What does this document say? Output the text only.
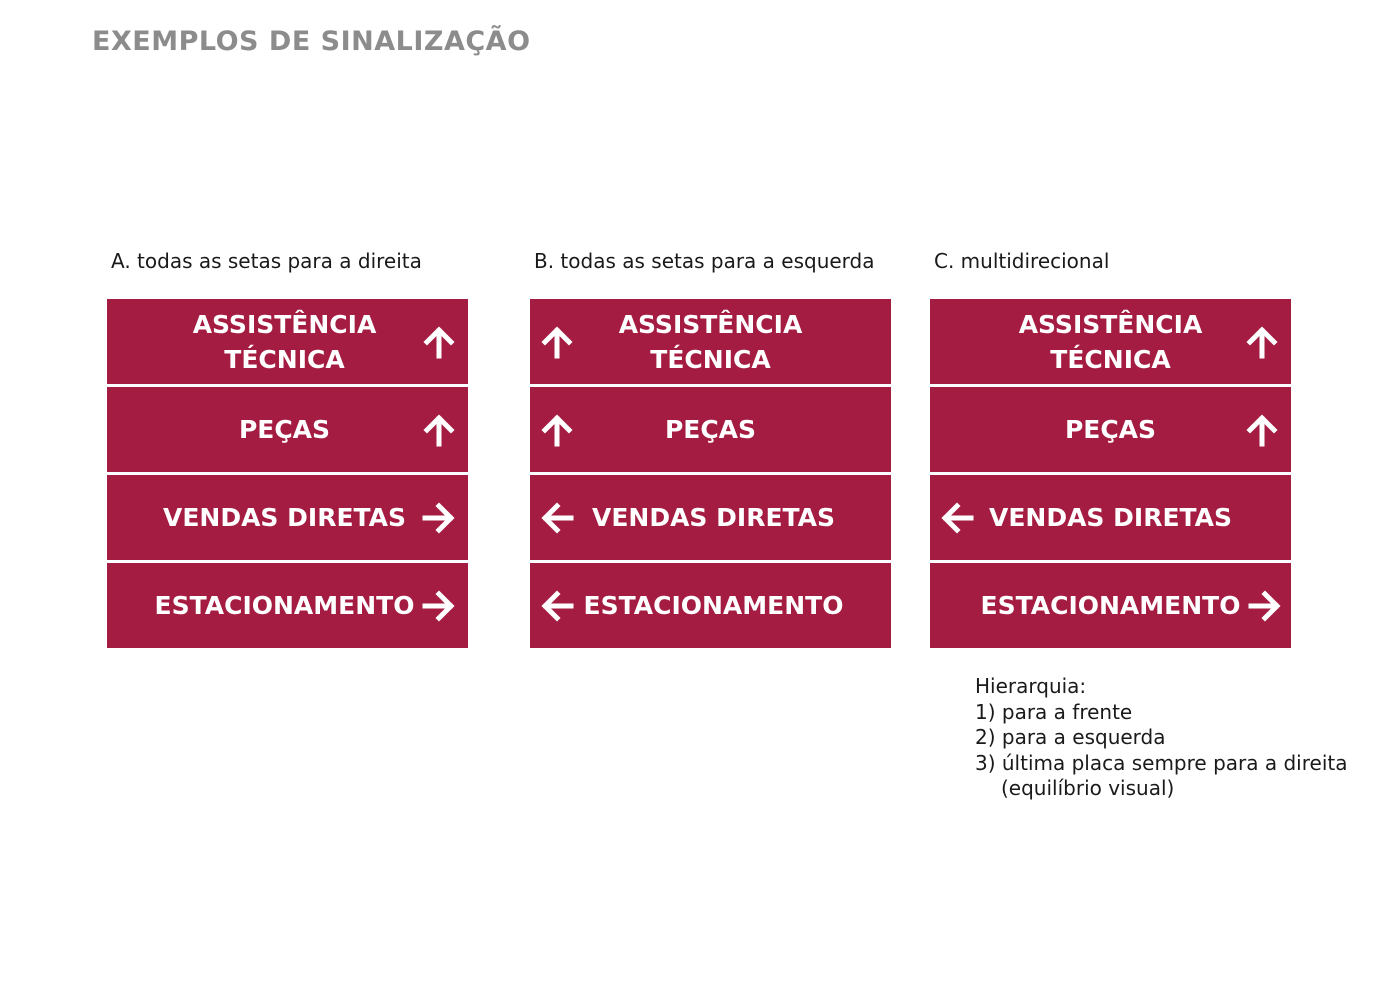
EXEMPLOS DE SINALIZAÇÃO
A. todas as setas para a direita
ASSISTÊNCIA
TÉCNICA
PEÇAS
VENDAS DIRETAS
ESTACIONAMENTO
B. todas as setas para a esquerda
ASSISTÊNCIA
TÉCNICA
PEÇAS
VENDAS DIRETAS
ESTACIONAMENTO
C. multidirecional
ASSISTÊNCIA
TÉCNICA
PEÇAS
VENDAS DIRETAS
ESTACIONAMENTO
Hierarquia:
1) para a frente
2) para a esquerda
3) última placa sempre para a direita
(equilíbrio visual)
